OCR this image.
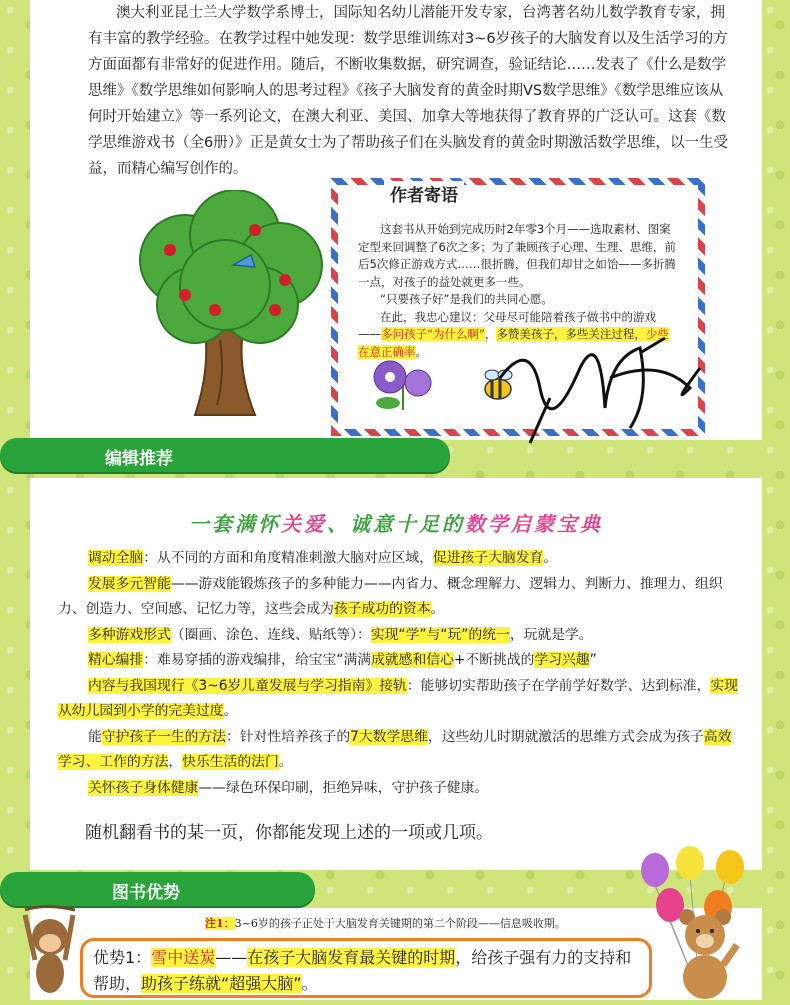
澳大利亚昆士兰大学数学系博士，国际知名幼儿潜能开发专家，台湾著名幼儿数学教育专家，拥有丰富的教学经验。在教学过程中她发现：数学思维训练对3~6岁孩子的大脑发育以及生活学习的方方面面都有非常好的促进作用。随后，不断收集数据，研究调查，验证结论……发表了《什么是数学思维》《数学思维如何影响人的思考过程》《孩子大脑发育的黄金时期VS数学思维》《数学思维应该从何时开始建立》等一系列论文，在澳大利亚、美国、加拿大等地获得了教育界的广泛认可。这套《数学思维游戏书（全6册）》正是黄女士为了帮助孩子们在头脑发育的黄金时期激活数学思维，以一生受益，而精心编写创作的。

作者寄语

这套书从开始到完成历时2年零3个月——选取素材、图案定型来回调整了6次之多；为了兼顾孩子心理、生理、思维，前后5次修正游戏方式……很折腾，但我们却甘之如饴——多折腾一点，对孩子的益处就更多一些。

“只要孩子好”是我们的共同心愿。

在此，我忠心建议：父母尽可能陪着孩子做书中的游戏——多问孩子“为什么啊”，多赞美孩子，多些关注过程，少些在意正确率。

编辑推荐
一套满怀关爱、诚意十足的数学启蒙宝典

调动全脑：从不同的方面和角度精准刺激大脑对应区域，促进孩子大脑发育。

发展多元智能——游戏能锻炼孩子的多种能力——内省力、概念理解力、逻辑力、判断力、推理力、组织力、创造力、空间感、记忆力等，这些会成为孩子成功的资本。

多种游戏形式（圈画、涂色、连线、贴纸等）：实现“学”与“玩”的统一，玩就是学。

精心编排：难易穿插的游戏编排，给宝宝“满满成就感和信心+不断挑战的学习兴趣”

内容与我国现行《3~6岁儿童发展与学习指南》接轨：能够切实帮助孩子在学前学好数学、达到标准，实现从幼儿园到小学的完美过度。

能守护孩子一生的方法：针对性培养孩子的7大数学思维，这些幼儿时期就激活的思维方式会成为孩子高效学习、工作的方法，快乐生活的法门。

关怀孩子身体健康——绿色环保印刷，拒绝异味，守护孩子健康。

随机翻看书的某一页，你都能发现上述的一项或几项。
图书优势
注1：3~6岁的孩子正处于大脑发育关键期的第二个阶段——信息吸收期。
优势1：雪中送炭——在孩子大脑发育最关键的时期，给孩子强有力的支持和帮助，助孩子练就“超强大脑”。
